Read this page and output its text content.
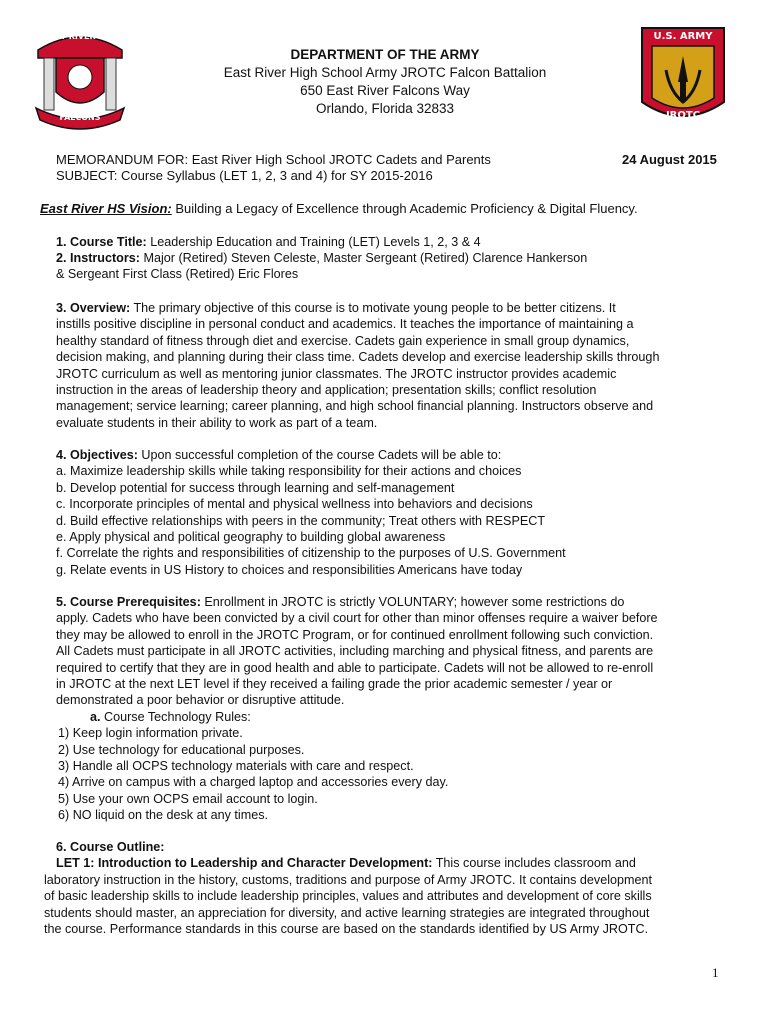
EAST RIVER H.S.
FALCONS
U.S. ARMY
JROTC
DEPARTMENT OF THE ARMY
East River High School Army JROTC Falcon Battalion
650 East River Falcons Way
Orlando, Florida 32833
MEMORANDUM FOR: East River High School JROTC Cadets and Parents	24 August 2015
SUBJECT: Course Syllabus (LET 1, 2, 3 and 4) for SY 2015-2016
East River HS Vision: Building a Legacy of Excellence through Academic Proficiency & Digital Fluency.
1. Course Title: Leadership Education and Training (LET) Levels 1, 2, 3 & 4
2. Instructors: Major (Retired) Steven Celeste, Master Sergeant (Retired) Clarence Hankerson
& Sergeant First Class (Retired) Eric Flores
3. Overview: The primary objective of this course is to motivate young people to be better citizens. It
instills positive discipline in personal conduct and academics. It teaches the importance of maintaining a
healthy standard of fitness through diet and exercise. Cadets gain experience in small group dynamics,
decision making, and planning during their class time. Cadets develop and exercise leadership skills through
JROTC curriculum as well as mentoring junior classmates. The JROTC instructor provides academic
instruction in the areas of leadership theory and application; presentation skills; conflict resolution
management; service learning; career planning, and high school financial planning. Instructors observe and
evaluate students in their ability to work as part of a team.
4. Objectives: Upon successful completion of the course Cadets will be able to:
a. Maximize leadership skills while taking responsibility for their actions and choices
b. Develop potential for success through learning and self-management
c. Incorporate principles of mental and physical wellness into behaviors and decisions
d. Build effective relationships with peers in the community; Treat others with RESPECT
e. Apply physical and political geography to building global awareness
f. Correlate the rights and responsibilities of citizenship to the purposes of U.S. Government
g. Relate events in US History to choices and responsibilities Americans have today
5. Course Prerequisites: Enrollment in JROTC is strictly VOLUNTARY; however some restrictions do
apply. Cadets who have been convicted by a civil court for other than minor offenses require a waiver before
they may be allowed to enroll in the JROTC Program, or for continued enrollment following such conviction.
All Cadets must participate in all JROTC activities, including marching and physical fitness, and parents are
required to certify that they are in good health and able to participate. Cadets will not be allowed to re-enroll
in JROTC at the next LET level if they received a failing grade the prior academic semester / year or
demonstrated a poor behavior or disruptive attitude.
a. Course Technology Rules:
1) Keep login information private.
2) Use technology for educational purposes.
3) Handle all OCPS technology materials with care and respect.
4) Arrive on campus with a charged laptop and accessories every day.
5) Use your own OCPS email account to login.
6) NO liquid on the desk at any times.
6. Course Outline:
LET 1: Introduction to Leadership and Character Development: This course includes classroom and
laboratory instruction in the history, customs, traditions and purpose of Army JROTC. It contains development
of basic leadership skills to include leadership principles, values and attributes and development of core skills
students should master, an appreciation for diversity, and active learning strategies are integrated throughout
the course. Performance standards in this course are based on the standards identified by US Army JROTC.
1
